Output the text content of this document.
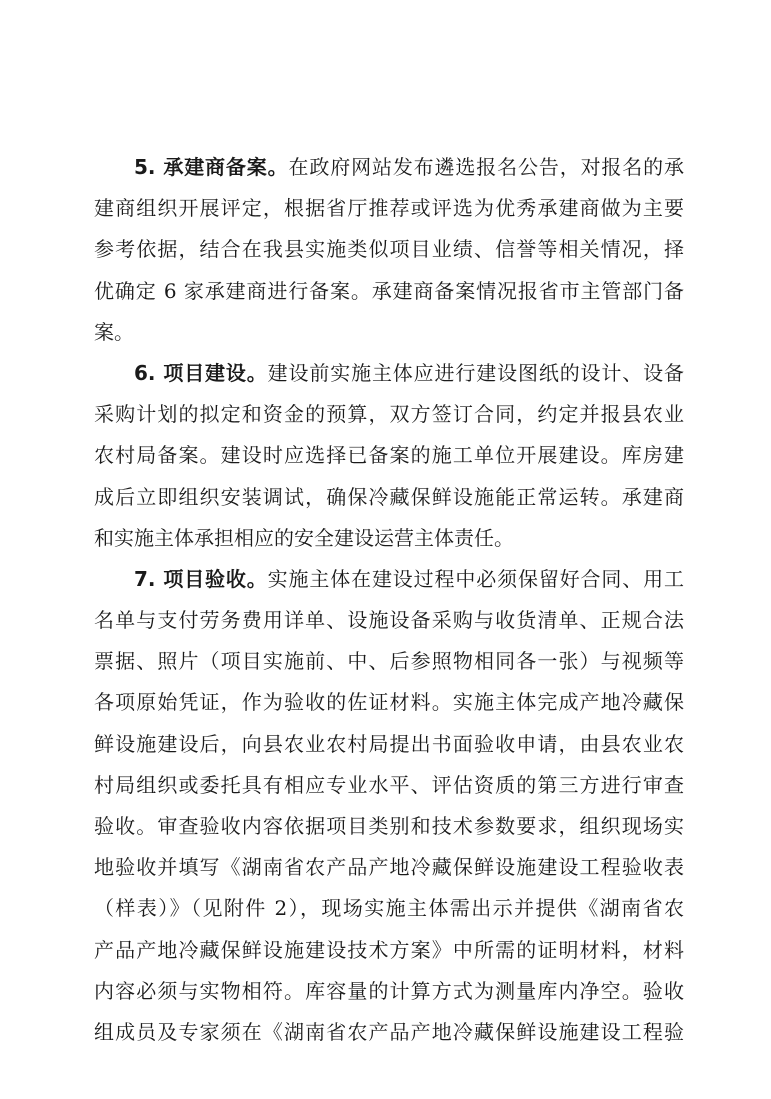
5. 承建商备案。在政府网站发布遴选报名公告，对报名的承
建商组织开展评定，根据省厅推荐或评选为优秀承建商做为主要
参考依据，结合在我县实施类似项目业绩、信誉等相关情况，择
优确定 6 家承建商进行备案。承建商备案情况报省市主管部门备
案。
6. 项目建设。建设前实施主体应进行建设图纸的设计、设备
采购计划的拟定和资金的预算，双方签订合同，约定并报县农业
农村局备案。建设时应选择已备案的施工单位开展建设。库房建
成后立即组织安装调试，确保冷藏保鲜设施能正常运转。承建商
和实施主体承担相应的安全建设运营主体责任。
7. 项目验收。实施主体在建设过程中必须保留好合同、用工
名单与支付劳务费用详单、设施设备采购与收货清单、正规合法
票据、照片（项目实施前、中、后参照物相同各一张）与视频等
各项原始凭证，作为验收的佐证材料。实施主体完成产地冷藏保
鲜设施建设后，向县农业农村局提出书面验收申请，由县农业农
村局组织或委托具有相应专业水平、评估资质的第三方进行审查
验收。审查验收内容依据项目类别和技术参数要求，组织现场实
地验收并填写《湖南省农产品产地冷藏保鲜设施建设工程验收表
（样表）》（见附件 2），现场实施主体需出示并提供《湖南省农
产品产地冷藏保鲜设施建设技术方案》中所需的证明材料，材料
内容必须与实物相符。库容量的计算方式为测量库内净空。验收
组成员及专家须在《湖南省农产品产地冷藏保鲜设施建设工程验
